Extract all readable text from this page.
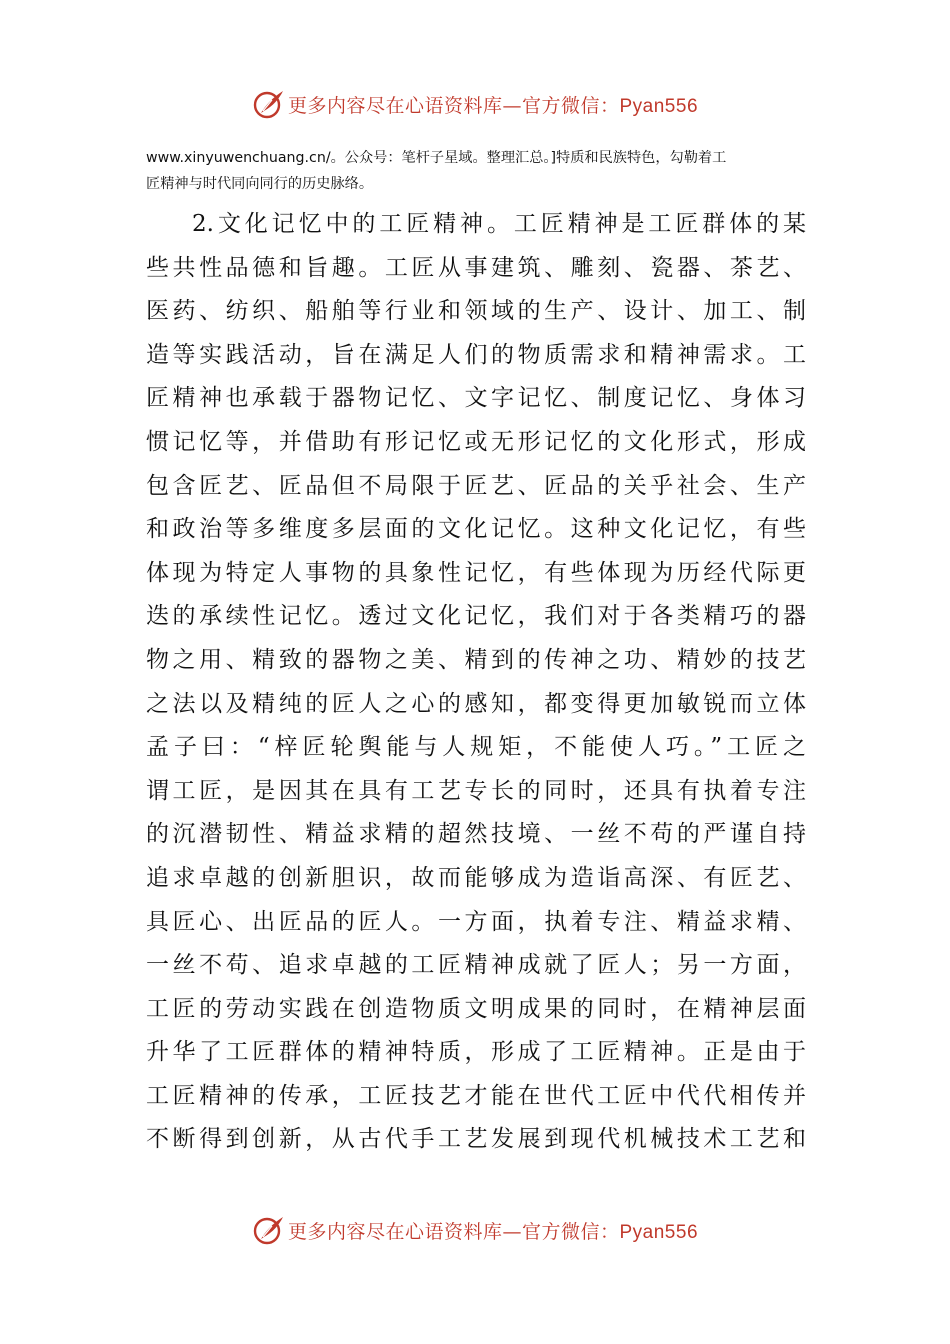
更多内容尽在心语资料库—官方微信：Pyan556
www.xinyuwenchuang.cn/。公众号：笔杆子星域。整理汇总。]特质和民族特色，勾勒着工
匠精神与时代同向同行的历史脉络。
2.文化记忆中的工匠精神。工匠精神是工匠群体的某
些共性品德和旨趣。工匠从事建筑、雕刻、瓷器、茶艺、
医药、纺织、船舶等行业和领域的生产、设计、加工、制
造等实践活动，旨在满足人们的物质需求和精神需求。工
匠精神也承载于器物记忆、文字记忆、制度记忆、身体习
惯记忆等，并借助有形记忆或无形记忆的文化形式，形成
包含匠艺、匠品但不局限于匠艺、匠品的关乎社会、生产
和政治等多维度多层面的文化记忆。这种文化记忆，有些
体现为特定人事物的具象性记忆，有些体现为历经代际更
迭的承续性记忆。透过文化记忆，我们对于各类精巧的器
物之用、精致的器物之美、精到的传神之功、精妙的技艺
之法以及精纯的匠人之心的感知，都变得更加敏锐而立体
孟子曰：“梓匠轮舆能与人规矩，不能使人巧。”工匠之
谓工匠，是因其在具有工艺专长的同时，还具有执着专注
的沉潜韧性、精益求精的超然技境、一丝不苟的严谨自持
追求卓越的创新胆识，故而能够成为造诣高深、有匠艺、
具匠心、出匠品的匠人。一方面，执着专注、精益求精、
一丝不苟、追求卓越的工匠精神成就了匠人；另一方面，
工匠的劳动实践在创造物质文明成果的同时，在精神层面
升华了工匠群体的精神特质，形成了工匠精神。正是由于
工匠精神的传承，工匠技艺才能在世代工匠中代代相传并
不断得到创新，从古代手工艺发展到现代机械技术工艺和
更多内容尽在心语资料库—官方微信：Pyan556
